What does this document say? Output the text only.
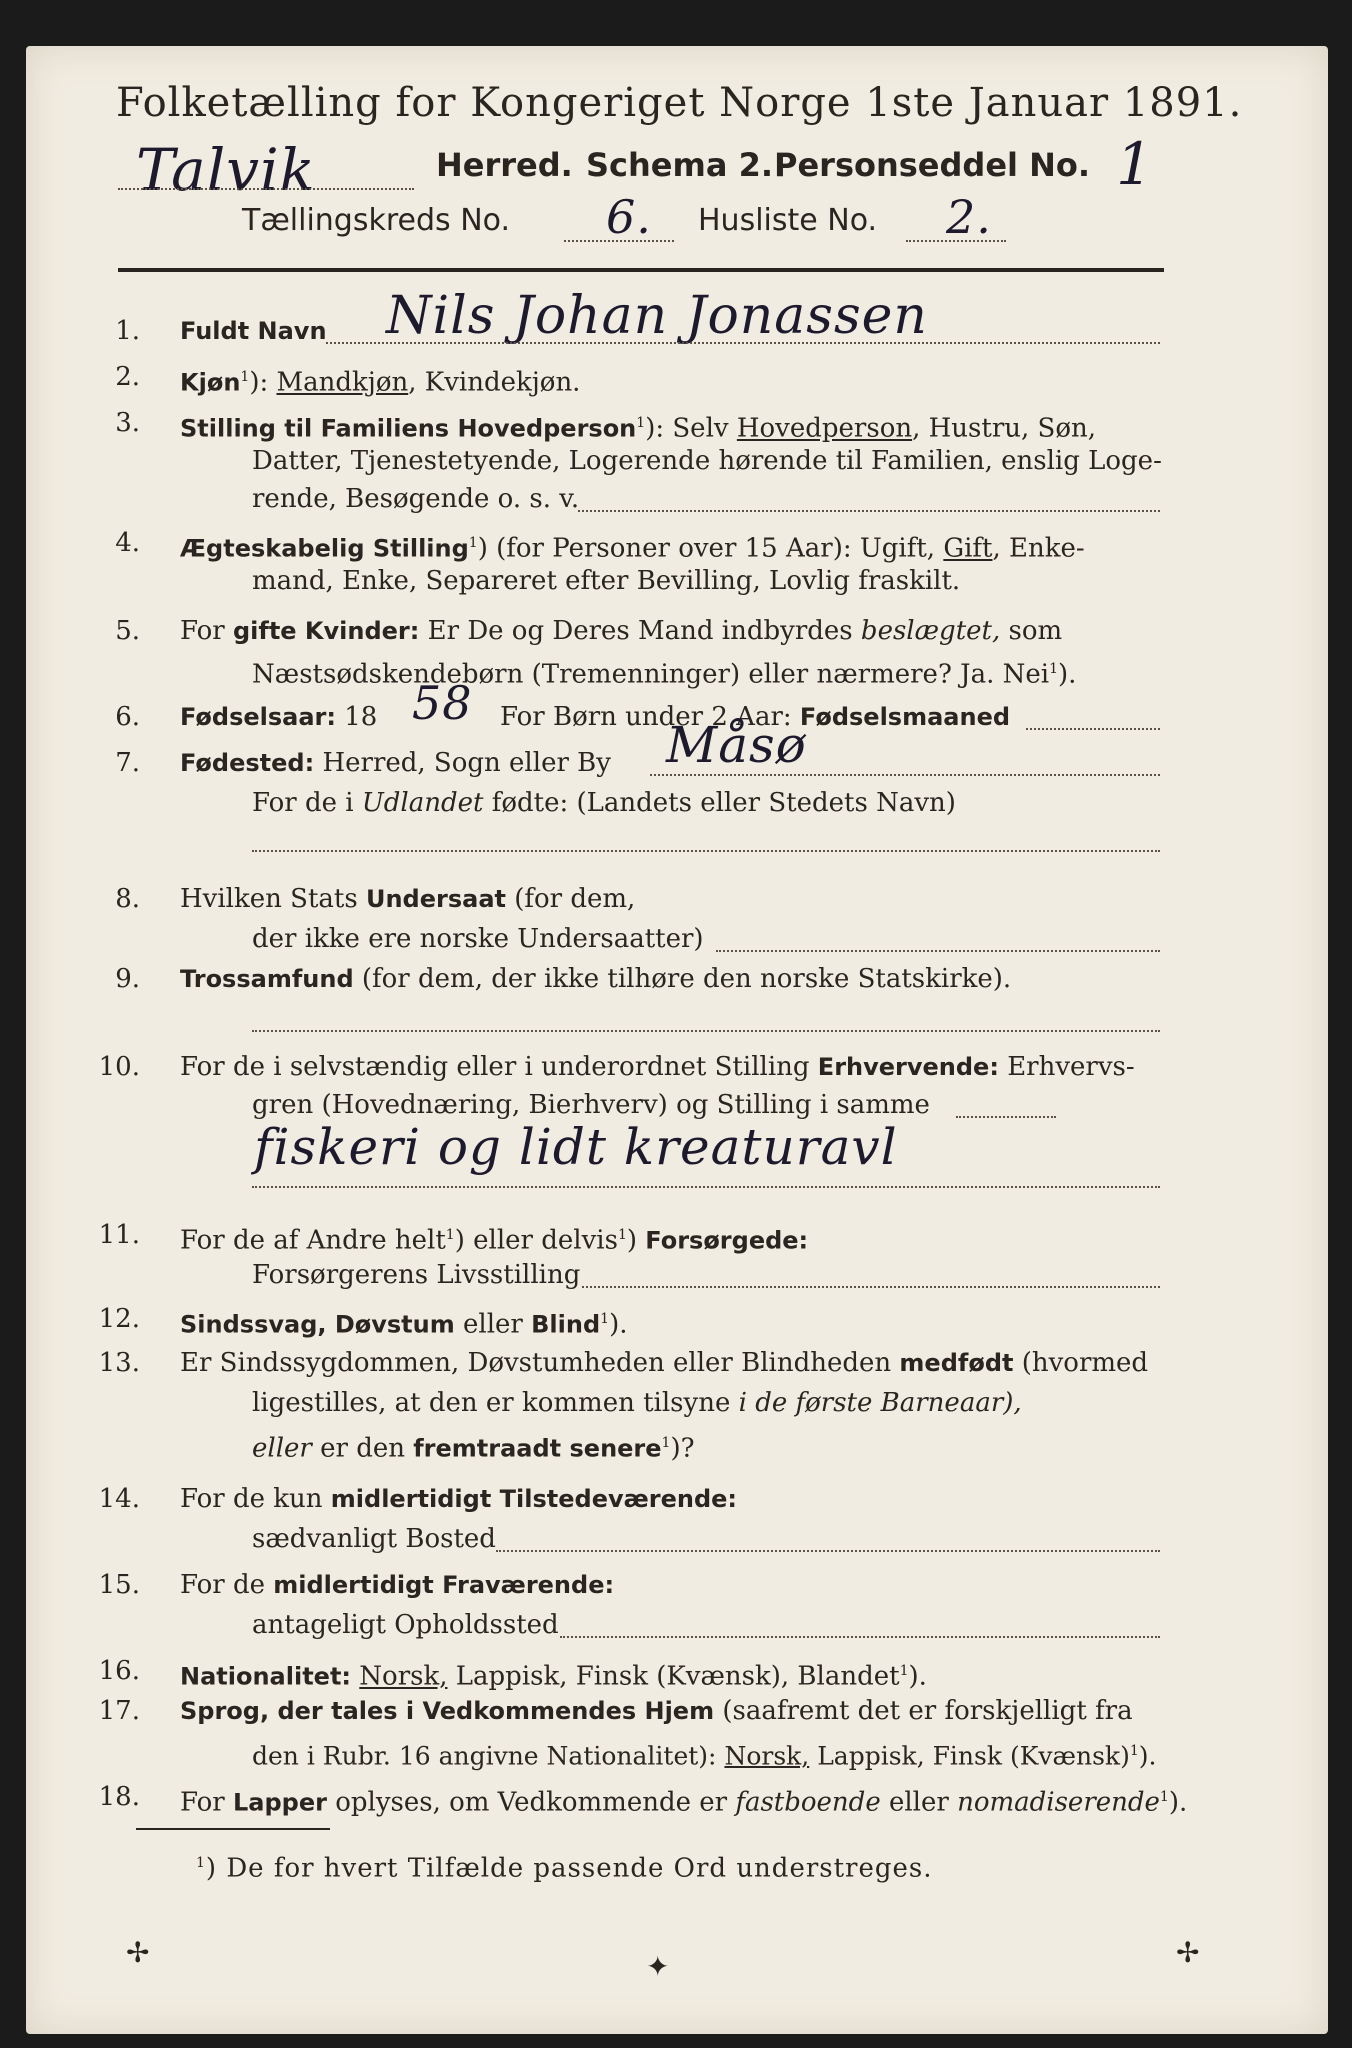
Folketælling for Kongeriget Norge 1ste Januar 1891.
Talvik	Herred. Schema 2. Personseddel No. 1
Tællingskreds No. 6. Husliste No. 2.
1. Fuldt Navn Nils Johan Jonassen
2. Kjøn$^1$): Mandkjøn, Kvindekjøn.
3. Stilling til Familiens Hovedperson$^1$): Selv Hovedperson, Hustru, Søn,
Datter, Tjenestetyende, Logerende hørende til Familien, enslig Loge-
rende, Besøgende o. s. v.
4. Ægteskabelig Stilling$^1$) (for Personer over 15 Aar): Ugift, Gift, Enke-
mand, Enke, Separeret efter Bevilling, Lovlig fraskilt.
5. For gifte Kvinder: Er De og Deres Mand indbyrdes beslægtet, som
Næstsødskendebørn (Tremenninger) eller nærmere? Ja. Nei$^1$).
6. Fødselsaar: 18 58 For Børn under 2 Aar: Fødselsmaaned
7. Fødested: Herred, Sogn eller By Måsø
For de i Udlandet fødte: (Landets eller Stedets Navn)
8. Hvilken Stats Undersaat (for dem,
der ikke ere norske Undersaatter)
9. Trossamfund (for dem, der ikke tilhøre den norske Statskirke).
10. For de i selvstændig eller i underordnet Stilling Erhvervende: Erhvervs-
gren (Hovednæring, Bierhverv) og Stilling i samme
fiskeri og lidt kreaturavl
11. For de af Andre helt$^1$) eller delvis$^1$) Forsørgede:
Forsørgerens Livsstilling
12. Sindssvag, Døvstum eller Blind$^1$).
13. Er Sindssygdommen, Døvstumheden eller Blindheden medfødt (hvormed
ligestilles, at den er kommen tilsyne i de første Barneaar),
eller er den fremtraadt senere$^1$)?
14. For de kun midlertidigt Tilstedeværende:
sædvanligt Bosted
15. For de midlertidigt Fraværende:
antageligt Opholdssted
16. Nationalitet: Norsk, Lappisk, Finsk (Kvænsk), Blandet$^1$).
17. Sprog, der tales i Vedkommendes Hjem (saafremt det er forskjelligt fra
den i Rubr. 16 angivne Nationalitet): Norsk, Lappisk, Finsk (Kvænsk)$^1$).
18. For Lapper oplyses, om Vedkommende er fastboende eller nomadiserende$^1$).
$^1$) De for hvert Tilfælde passende Ord understreges.
✢	✦	✢
